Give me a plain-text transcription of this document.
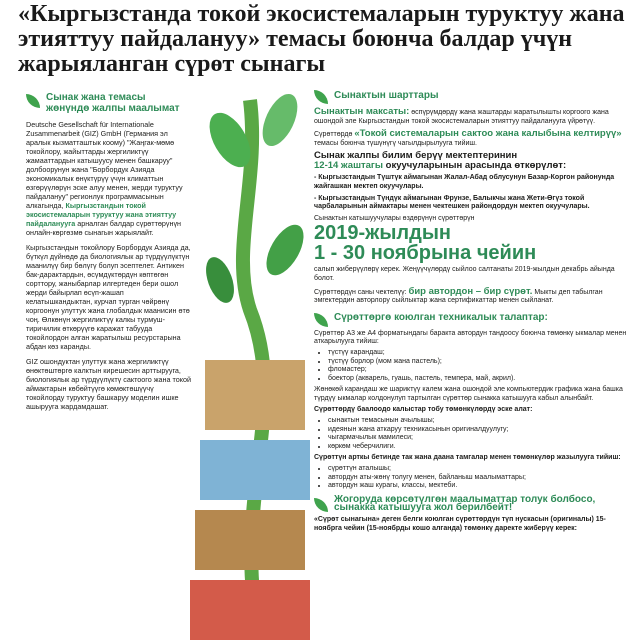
«Кыргызстанда токой экосистемаларын туруктуу жана этияттуу пайдалануу» темасы боюнча балдар үчүн жарыяланган сүрөт сынагы
Сынак жана темасы жөнүндө жалпы маалымат

Deutsche Gesellschaft für Internationale Zusammenarbeit (GIZ) GmbH (Германия эл аралык кызматташтык коому) "Жаңгак-мөмө токойлору, жайыттарды жергиликтүү жамааттардын катышуусу менен башкаруу" долбоорунун жана "Борбордук Азияда экономикалык өнүктүрүү үчүн климаттын өзгөрүүлөрүн эске алуу менен, жерди туруктуу пайдалануу" регионлук программасынын алкагында, Кыргызстандын токой экосистемаларын туруктуу жана этияттуу пайдаланууга арналган балдар сүрөттөрүнүн онлайн-көргөзмө сынагын жарыялайт.

Кыргызстандын токойлору Борбордук Азияда да, бүткүл дүйнөдө да биологиялык ар түрдүүлүктүн маанилүү бир бөлүгү болуп эсептелет. Антикен бак-дарактардын, өсүмдүктөрдүн көптөгөн сорттору, жаныбарлар илгертеден бери ошол жерди байырлап өсүп-жашап келатышкандыктан, курчап турган чөйрөнү коргоонун улуттук жана глобалдык маанисин өтө чоң. Өлкөнүн жергиликтүү калкы турмуш-тиричилик өткөрүүгө каражат табууда токойлордон алган жаратылыш ресурстарына абдан көз каранды.

GIZ ошондуктан улуттук жана жергиликтүү өнөктөштөргө калктын кирешесин арттырууга, биологиялык ар түрдүүлүктү сактоого жана токой аймактарын көбөйтүүгө көмөктөшүүчү токойлорду туруктуу башкаруу моделин ишке ашырууга жардамдашат.

Сынактын шарттары

Сынактын максаты: өспүрүмдөрдү жана жаштарды жаратылышты коргоого жана ошондой эле Кыргызстандын токой экосистемаларын этияттуу пайдаланууга үйрөтүү.

Сүрөттөрдө «Токой системаларын сактоо жана калыбына келтирүү» темасы боюнча түшүнүгү чагылдырылууга тийиш.

Сынак жалпы билим берүү мектептеринин
12-14 жаштагы окуучуларынын арасында өткөрүлөт:

- Кыргызстандын Түштүк аймагынан Жалал-Абад облусунун Базар-Коргон районунда жайгашкан мектеп окуучулары.

- Кыргызстандын Түндүк аймагынан Фрунзе, Балыкчы жана Жети-Өгүз токой чарбаларынын аймактары менен чектешкен райондордун мектеп окуучулары.

Сынактын катышуучулары өздөрүнүн сүрөттөрүн

2019-жылдын
1 - 30 ноябрына чейин

салып жиберүүлөрү керек. Жеңүүчүлөрдү сыйлоо салтанаты 2019-жылдын декабрь айында болот.

Сүрөттөрдүн саны чектелүү: бир автордон – бир сүрөт. Мыкты деп табылган эмгектердин авторлору сыйлыктар жана сертификаттар менен сыйланат.

Сүрөттөргө коюлган техникалык талаптар:

Сүрөттөр А3 же А4 форматындагы баракта автордун тандоосу боюнча төмөнкү ыкмалар менен аткарылууга тийиш:

• түстүү карандаш;
• түстүү борлор (мом жана пастель);
• фломастер;
• боектор (акварель, гуашь, пастель, темпера, май, акрил).

Жөнөкөй карандаш же шариктүү калем жана ошондой эле компьютердик графика жана башка түрдүү ыкмалар колдонулуп тартылган сүрөттөр сынакка катышууга кабыл алынбайт.

Сүрөттөрдү баалоодо калыстар тобу төмөнкүлөрдү эске алат:

• сынактын темасынын ачылышы;
• идеянын жана аткаруу техникасынын оригиналдуулугу;
• чыгармачылык мамилеси;
• көркөм чеберчилиги.

Сүрөттүн арткы бетинде так жана даана тамгалар менен төмөнкүлөр жазылууга тийиш:

• сүрөттүн аталышы;
• автордун аты-жөнү толугу менен, байланыш маалыматтары;
• автордун жаш курагы, классы, мектеби.
Жогоруда көрсөтүлгөн маалыматтар толук болбосо, сынакка катышууга жол берилбейт!

«Сүрөт сынагына» деген белги коюлган сүрөттөрдүн түп нускасын (оригиналы) 15-ноябрга чейин (15-ноябрды кошо алганда) төмөнкү даректе жиберүү керек:
